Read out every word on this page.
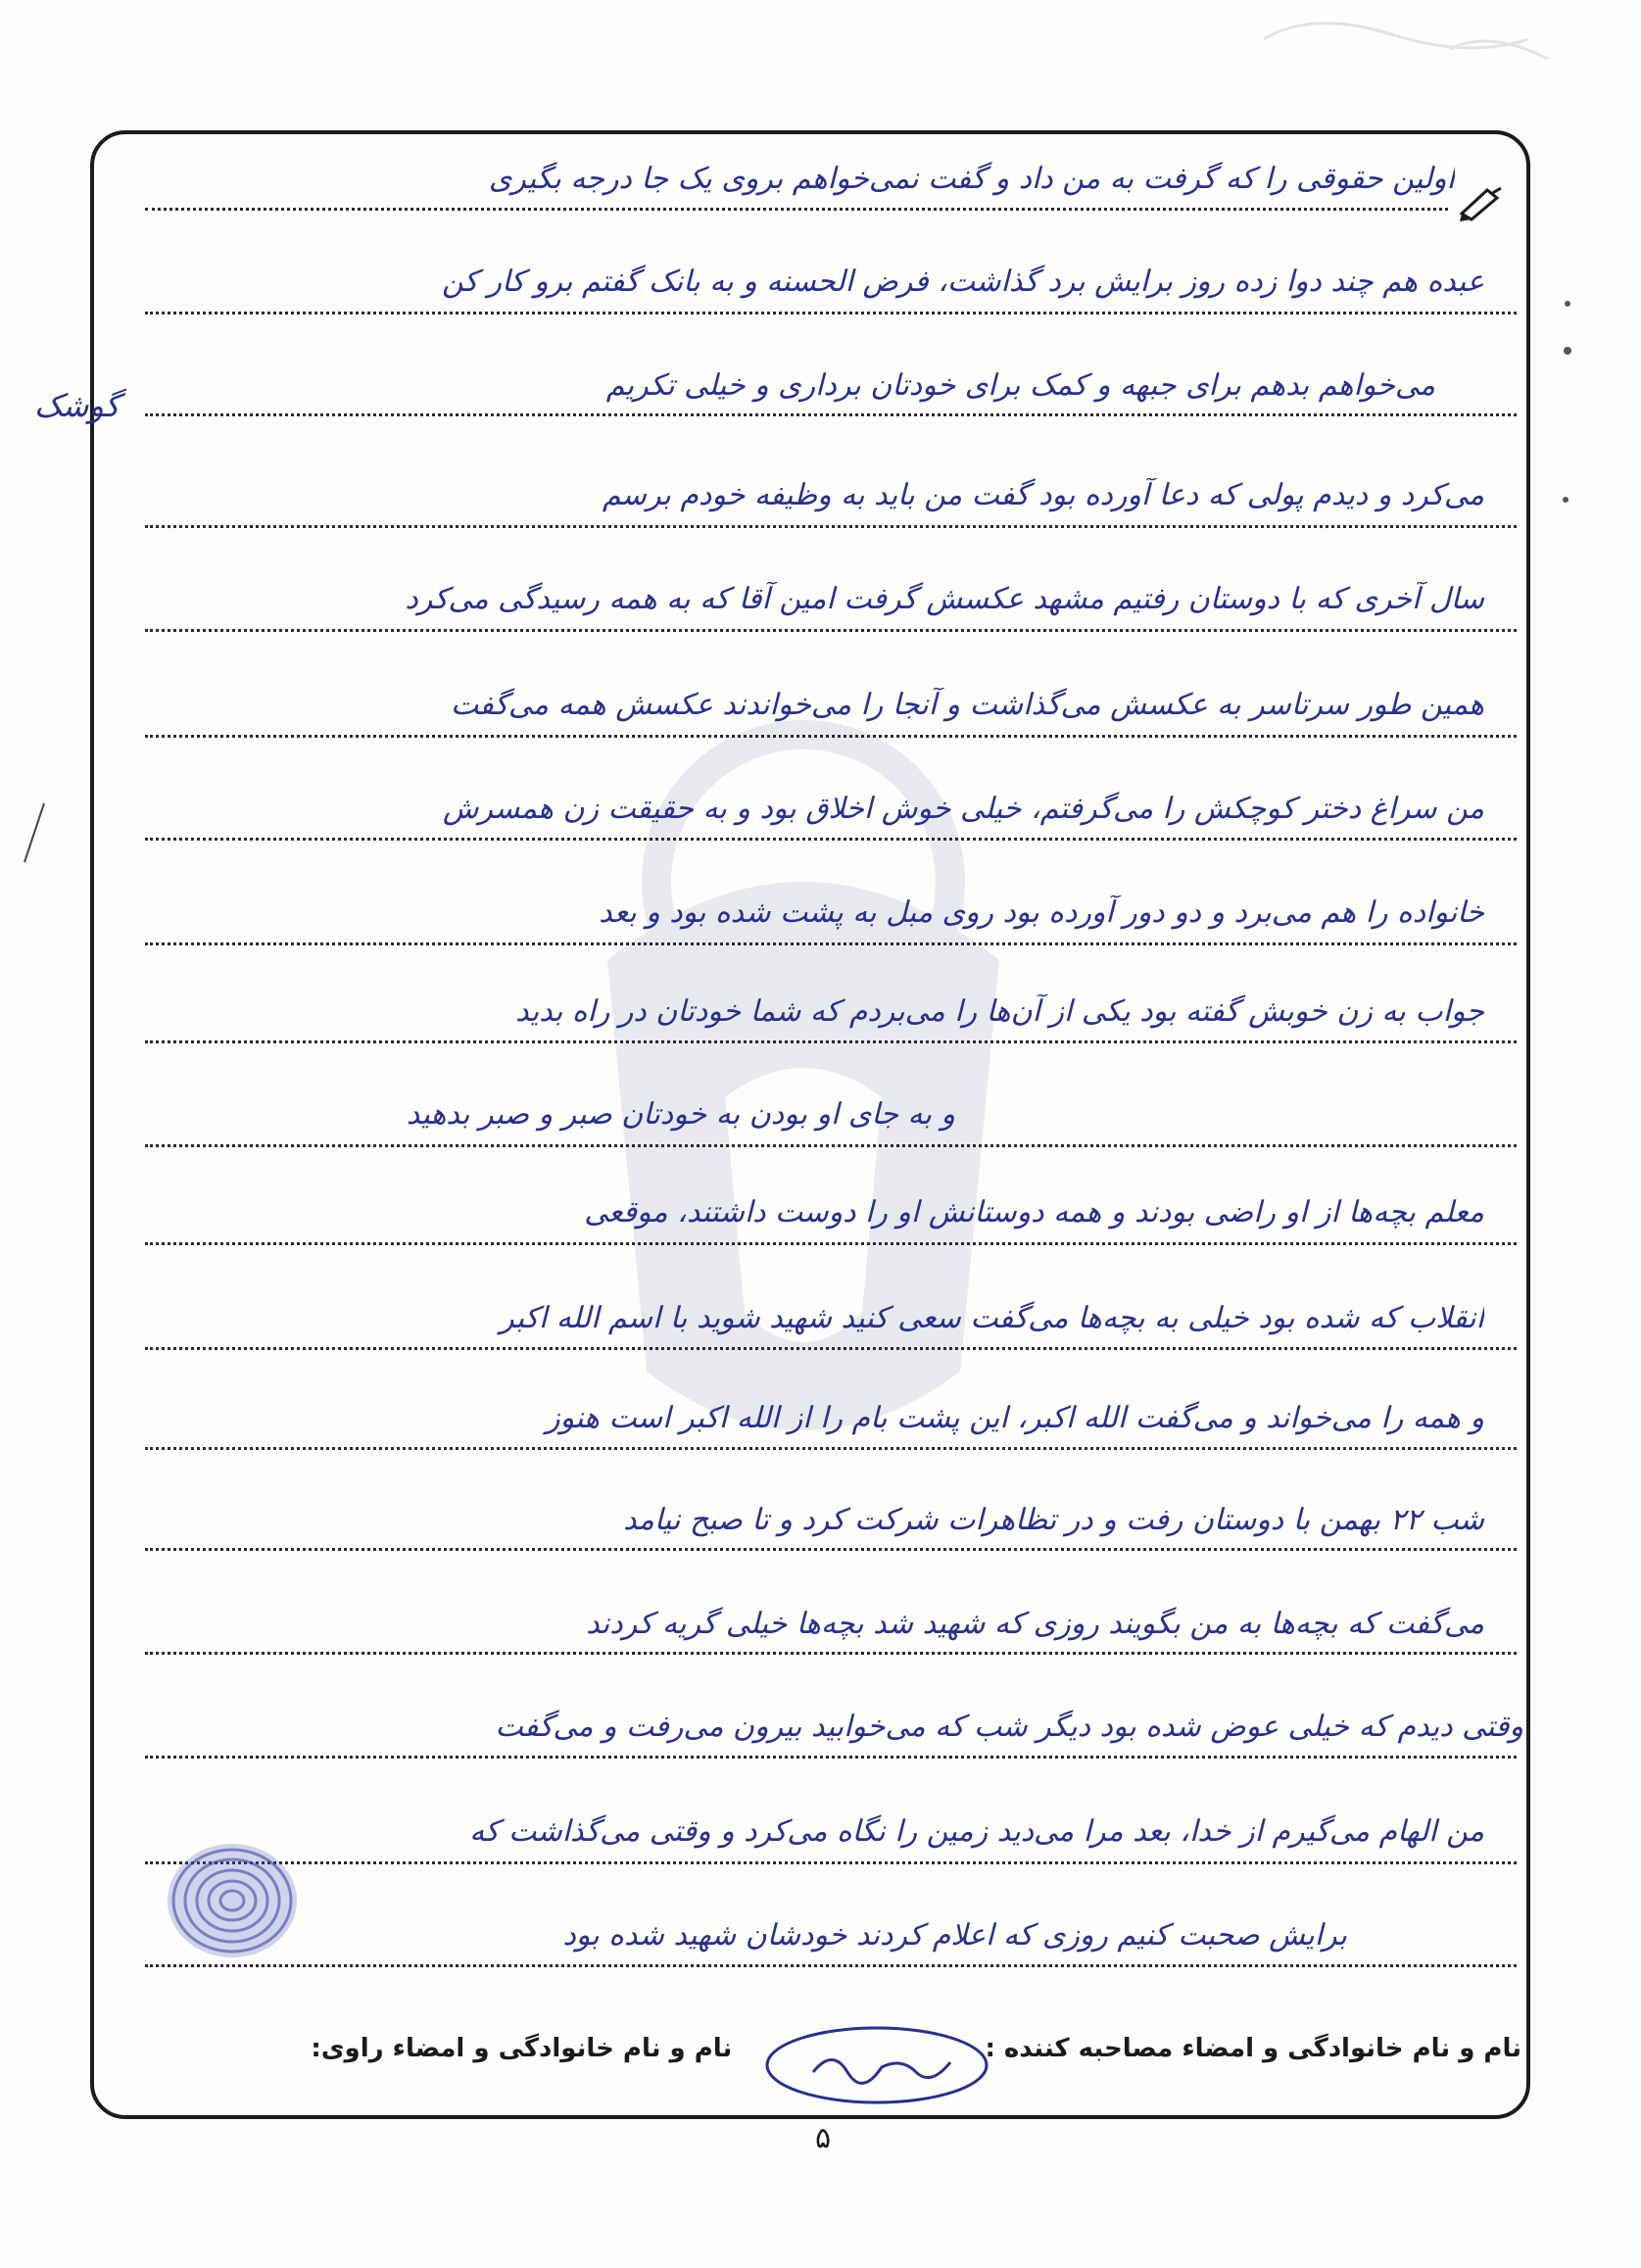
اولین حقوقی را که گرفت به من داد و گفت نمی‌خواهم بروی یک جا درجه بگیری
عبده هم چند دوا زده روز برایش برد گذاشت، فرض الحسنه و به بانک گفتم برو کار کن
می‌خواهم بدهم برای جبهه و کمک برای خودتان برداری و خیلی تکریم
می‌کرد و دیدم پولی که دعا آورده بود گفت من باید به وظیفه خودم برسم
سال آخری که با دوستان رفتیم مشهد عکسش گرفت امین آقا که به همه رسیدگی می‌کرد
همین طور سرتاسر به عکسش می‌گذاشت و آنجا را می‌خواندند عکسش همه می‌گفت
من سراغ دختر کوچکش را می‌گرفتم، خیلی خوش اخلاق بود و به حقیقت زن همسرش
خانواده را هم می‌برد و دو دور آورده بود روی مبل به پشت شده بود و بعد
جواب به زن خوبش گفته بود یکی از آن‌ها را می‌بردم که شما خودتان در راه بدید
و به جای او بودن به خودتان صبر و صبر بدهید
معلم بچه‌ها از او راضی بودند و همه دوستانش او را دوست داشتند، موقعی
انقلاب که شده بود خیلی به بچه‌ها می‌گفت سعی کنید شهید شوید با اسم الله اکبر
و همه را می‌خواند و می‌گفت الله اکبر، این پشت بام را از الله اکبر است هنوز
شب ۲۲ بهمن با دوستان رفت و در تظاهرات شرکت کرد و تا صبح نیامد
می‌گفت که بچه‌ها به من بگویند روزی که شهید شد بچه‌ها خیلی گریه کردند
وقتی دیدم که خیلی عوض شده بود دیگر شب که می‌خوابید بیرون می‌رفت و می‌گفت
من الهام می‌گیرم از خدا، بعد مرا می‌دید زمین را نگاه می‌کرد و وقتی می‌گذاشت که
برایش صحبت کنیم روزی که اعلام کردند خودشان شهید شده بود
گوشک
نام و نام خانوادگی و امضاء مصاحبه کننده :  نام و نام خانوادگی و امضاء راوی:
۵
